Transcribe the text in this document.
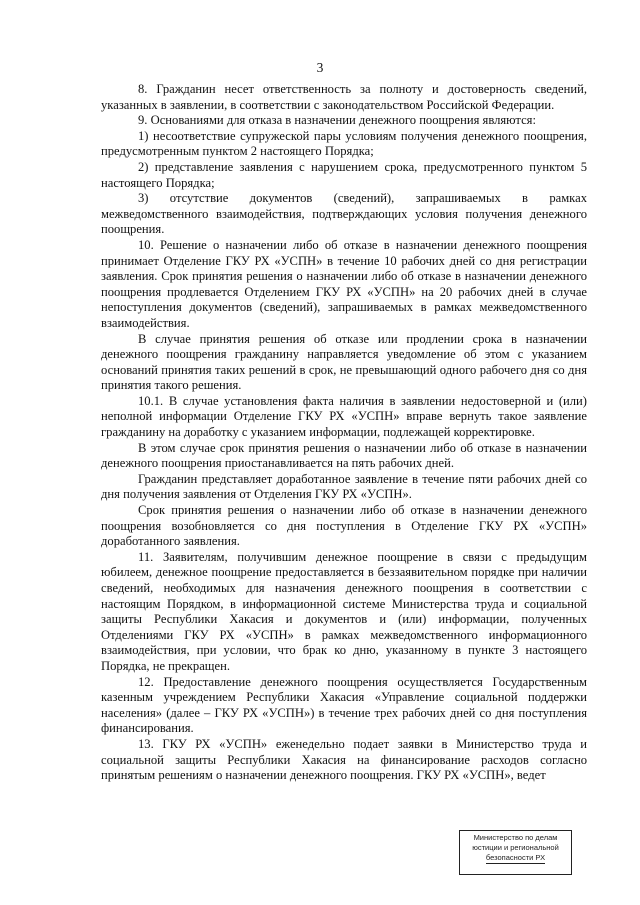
3

8. Гражданин несет ответственность за полноту и достоверность сведений, указанных в заявлении, в соответствии с законодательством Российской Федерации.

9. Основаниями для отказа в назначении денежного поощрения являются:

1) несоответствие супружеской пары условиям получения денежного поощрения, предусмотренным пунктом 2 настоящего Порядка;

2) представление заявления с нарушением срока, предусмотренного пунктом 5 настоящего Порядка;

3) отсутствие документов (сведений), запрашиваемых в рамках межведомственного взаимодействия, подтверждающих условия получения денежного поощрения.

10. Решение о назначении либо об отказе в назначении денежного поощрения принимает Отделение ГКУ РХ «УСПН» в течение 10 рабочих дней со дня регистрации заявления. Срок принятия решения о назначении либо об отказе в назначении денежного поощрения продлевается Отделением ГКУ РХ «УСПН» на 20 рабочих дней в случае непоступления документов (сведений), запрашиваемых в рамках межведомственного взаимодействия.

В случае принятия решения об отказе или продлении срока в назначении денежного поощрения гражданину направляется уведомление об этом с указанием оснований принятия таких решений в срок, не превышающий одного рабочего дня со дня принятия такого решения.

10.1. В случае установления факта наличия в заявлении недостоверной и (или) неполной информации Отделение ГКУ РХ «УСПН» вправе вернуть такое заявление гражданину на доработку с указанием информации, подлежащей корректировке.

В этом случае срок принятия решения о назначении либо об отказе в назначении денежного поощрения приостанавливается на пять рабочих дней.

Гражданин представляет доработанное заявление в течение пяти рабочих дней со дня получения заявления от Отделения ГКУ РХ «УСПН».

Срок принятия решения о назначении либо об отказе в назначении денежного поощрения возобновляется со дня поступления в Отделение ГКУ РХ «УСПН» доработанного заявления.

11. Заявителям, получившим денежное поощрение в связи с предыдущим юбилеем, денежное поощрение предоставляется в беззаявительном порядке при наличии сведений, необходимых для назначения денежного поощрения в соответствии с настоящим Порядком, в информационной системе Министерства труда и социальной защиты Республики Хакасия и документов и (или) информации, полученных Отделениями ГКУ РХ «УСПН» в рамках межведомственного информационного взаимодействия, при условии, что брак ко дню, указанному в пункте 3 настоящего Порядка, не прекращен.

12. Предоставление денежного поощрения осуществляется Государственным казенным учреждением Республики Хакасия «Управление социальной поддержки населения» (далее – ГКУ РХ «УСПН») в течение трех рабочих дней со дня поступления финансирования.

13. ГКУ РХ «УСПН» еженедельно подает заявки в Министерство труда и социальной защиты Республики Хакасия на финансирование расходов согласно принятым решениям о назначении денежного поощрения. ГКУ РХ «УСПН», ведет

Министерство по делам
юстиции и региональной
безопасности РХ
